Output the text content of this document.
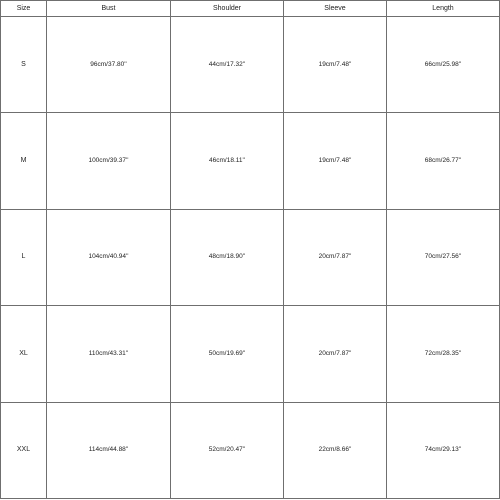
Size	Bust	Shoulder	Sleeve	Length
S	96cm/37.80''	44cm/17.32''	19cm/7.48''	66cm/25.98''
M	100cm/39.37''	46cm/18.11''	19cm/7.48''	68cm/26.77''
L	104cm/40.94''	48cm/18.90''	20cm/7.87''	70cm/27.56''
XL	110cm/43.31''	50cm/19.69''	20cm/7.87''	72cm/28.35''
XXL	114cm/44.88''	52cm/20.47''	22cm/8.66''	74cm/29.13''
